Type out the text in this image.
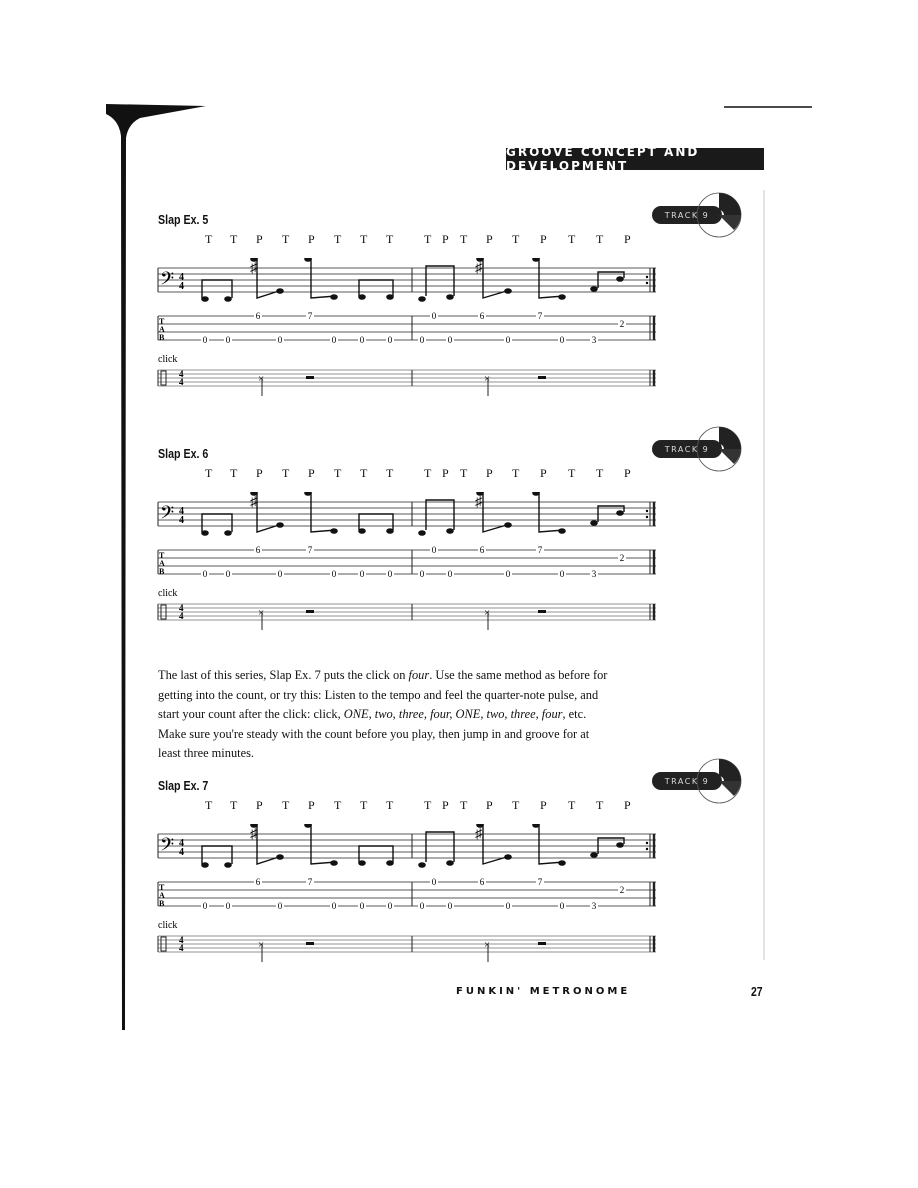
GROOVE CONCEPT AND DEVELOPMENT
Slap Ex. 5	TRACK 9
T T P T P T T T	T P T P T P T T P
𝄢 4
4
♯	♯
T
A
B
6	7	0	6	7
2
0 0	0	0	0	0	0	0	0	0	3
click
4
4	×	×
Slap Ex. 6	TRACK 9
T T P T P T T T	T P T P T P T T P
𝄢 4
4
♯	♯
T
A
B
6	7	0	6	7
2
0 0	0	0	0	0	0	0	0	0	3
click
4
4	×	×
Slap Ex. 7	TRACK 9
T T P T P T T T	T P T P T P T T P
𝄢 4
4
♯	♯
T
A
B
6	7	0	6	7
2
0 0	0	0	0	0	0	0	0	0	3
click
4
4	×	×
The last of this series, Slap Ex. 7 puts the click on four. Use the same method as before for getting into the count, or try this: Listen to the tempo and feel the quarter-note pulse, and start your count after the click: click, ONE, two, three, four, ONE, two, three, four, etc. Make sure you're steady with the count before you play, then jump in and groove for at least three minutes.
FUNKIN' METRONOME	27
